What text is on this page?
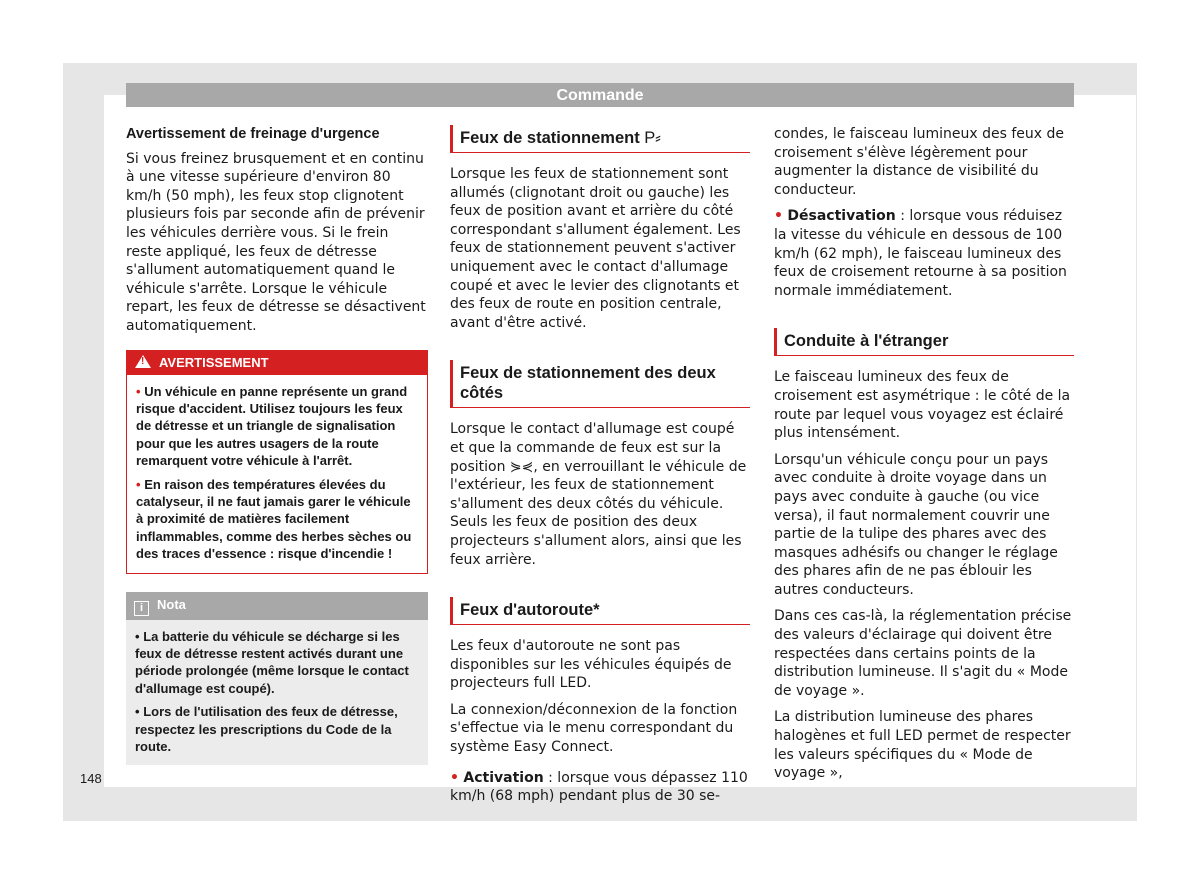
Commande

Avertissement de freinage d'urgence

Si vous freinez brusquement et en continu à une vitesse supérieure d'environ 80 km/h (50 mph), les feux stop clignotent plusieurs fois par seconde afin de prévenir les véhicules derrière vous. Si le frein reste appliqué, les feux de détresse s'allument automatiquement quand le véhicule s'arrête. Lorsque le véhicule repart, les feux de détresse se désactivent automatiquement.

!AVERTISSEMENT

• Un véhicule en panne représente un grand risque d'accident. Utilisez toujours les feux de détresse et un triangle de signalisation pour que les autres usagers de la route remarquent votre véhicule à l'arrêt.

• En raison des températures élevées du catalyseur, il ne faut jamais garer le véhicule à proximité de matières facilement inflammables, comme des herbes sèches ou des traces d'essence : risque d'incendie !

i Nota

• La batterie du véhicule se décharge si les feux de détresse restent activés durant une période prolongée (même lorsque le contact d'allumage est coupé).

• Lors de l'utilisation des feux de détresse, respectez les prescriptions du Code de la route.

Feux de stationnement P⸗

Lorsque les feux de stationnement sont allumés (clignotant droit ou gauche) les feux de position avant et arrière du côté correspondant s'allument également. Les feux de stationnement peuvent s'activer uniquement avec le contact d'allumage coupé et avec le levier des clignotants et des feux de route en position centrale, avant d'être activé.

Feux de stationnement des deux côtés

Lorsque le contact d'allumage est coupé et que la commande de feux est sur la position ⋟⋞, en verrouillant le véhicule de l'extérieur, les feux de stationnement s'allument des deux côtés du véhicule. Seuls les feux de position des deux projecteurs s'allument alors, ainsi que les feux arrière.

Feux d'autoroute*

Les feux d'autoroute ne sont pas disponibles sur les véhicules équipés de projecteurs full LED.

La connexion/déconnexion de la fonction s'effectue via le menu correspondant du système Easy Connect.

• Activation : lorsque vous dépassez 110 km/h (68 mph) pendant plus de 30 se-

condes, le faisceau lumineux des feux de croisement s'élève légèrement pour augmenter la distance de visibilité du conducteur.

• Désactivation : lorsque vous réduisez la vitesse du véhicule en dessous de 100 km/h (62 mph), le faisceau lumineux des feux de croisement retourne à sa position normale immédiatement.

Conduite à l'étranger

Le faisceau lumineux des feux de croisement est asymétrique : le côté de la route par lequel vous voyagez est éclairé plus intensément.

Lorsqu'un véhicule conçu pour un pays avec conduite à droite voyage dans un pays avec conduite à gauche (ou vice versa), il faut normalement couvrir une partie de la tulipe des phares avec des masques adhésifs ou changer le réglage des phares afin de ne pas éblouir les autres conducteurs.

Dans ces cas-là, la réglementation précise des valeurs d'éclairage qui doivent être respectées dans certains points de la distribution lumineuse. Il s'agit du « Mode de voyage ».

La distribution lumineuse des phares halogènes et full LED permet de respecter les valeurs spécifiques du « Mode de voyage »,

148
